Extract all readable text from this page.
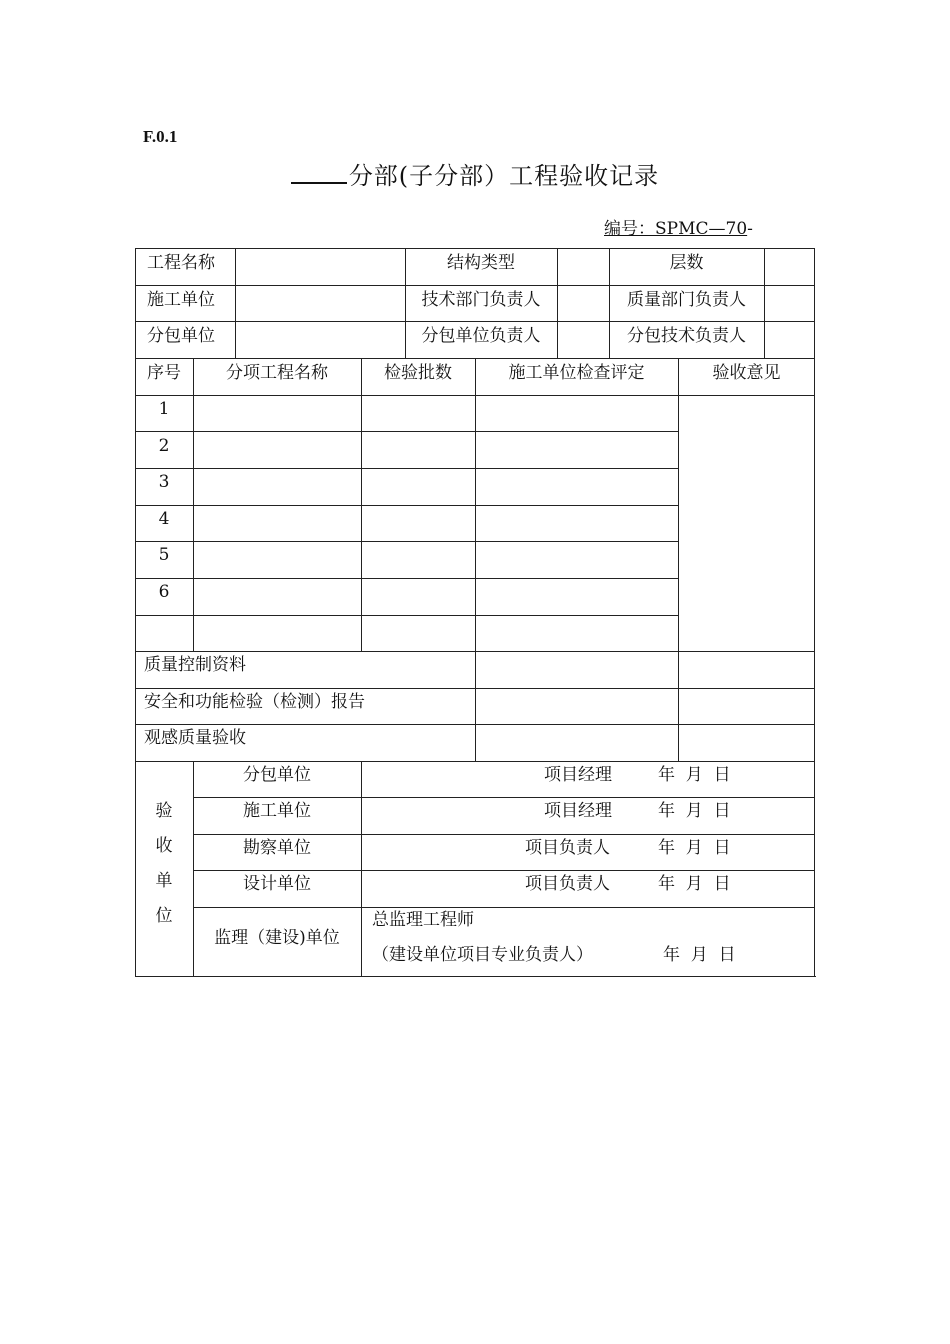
F.0.1
分部(子分部）工程验收记录
编号：SPMC—70-
工程名称	结构类型	层数
施工单位	技术部门负责人	质量部门负责人
分包单位	分包单位负责人	分包技术负责人
序号	分项工程名称	检验批数	施工单位检查评定	验收意见
1
2
3
4
5
6
质量控制资料
安全和功能检验（检测）报告
观感质量验收
验
收
单
位
分包单位	项目经理	年  月  日
施工单位	项目经理	年  月  日
勘察单位	项目负责人	年  月  日
设计单位	项目负责人	年  月  日
监理（建设)单位
总监理工程师
（建设单位项目专业负责人）	年  月  日
